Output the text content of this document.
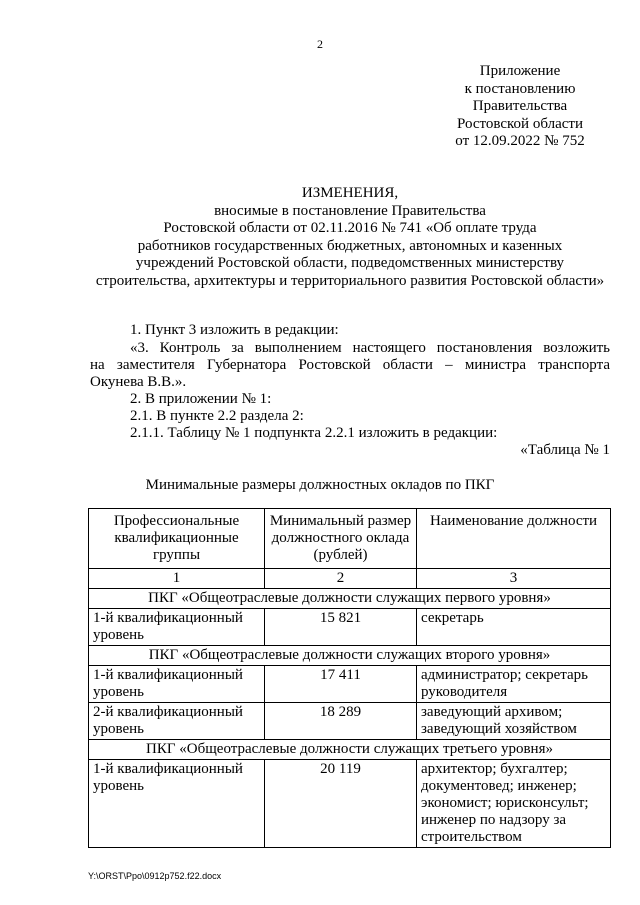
2
Приложение
к постановлению
Правительства
Ростовской области
от 12.09.2022 № 752
ИЗМЕНЕНИЯ,
вносимые в постановление Правительства
Ростовской области от 02.11.2016 № 741 «Об оплате труда
работников государственных бюджетных, автономных и казенных
учреждений Ростовской области, подведомственных министерству
строительства, архитектуры и территориального развития Ростовской области»
1. Пункт 3 изложить в редакции:
«3. Контроль за выполнением настоящего постановления возложить
на заместителя Губернатора Ростовской области – министра транспорта
Окунева В.В.».
2. В приложении № 1:
2.1. В пункте 2.2 раздела 2:
2.1.1. Таблицу № 1 подпункта 2.2.1 изложить в редакции:
«Таблица № 1
Минимальные размеры должностных окладов по ПКГ
Профессиональные квалификационные группы	Минимальный размер должностного оклада (рублей)	Наименование должности
1	2	3
ПКГ «Общеотраслевые должности служащих первого уровня»		
1-й квалификационный уровень	15 821	секретарь
ПКГ «Общеотраслевые должности служащих второго уровня»		
1-й квалификационный уровень	17 411	администратор; секретарь руководителя
2-й квалификационный уровень	18 289	заведующий архивом; заведующий хозяйством
ПКГ «Общеотраслевые должности служащих третьего уровня»		
1-й квалификационный уровень	20 119	архитектор; бухгалтер; документовед; инженер; экономист; юрисконсульт; инженер по надзору за строительством
Y:\ORST\Ppo\0912p752.f22.docx
